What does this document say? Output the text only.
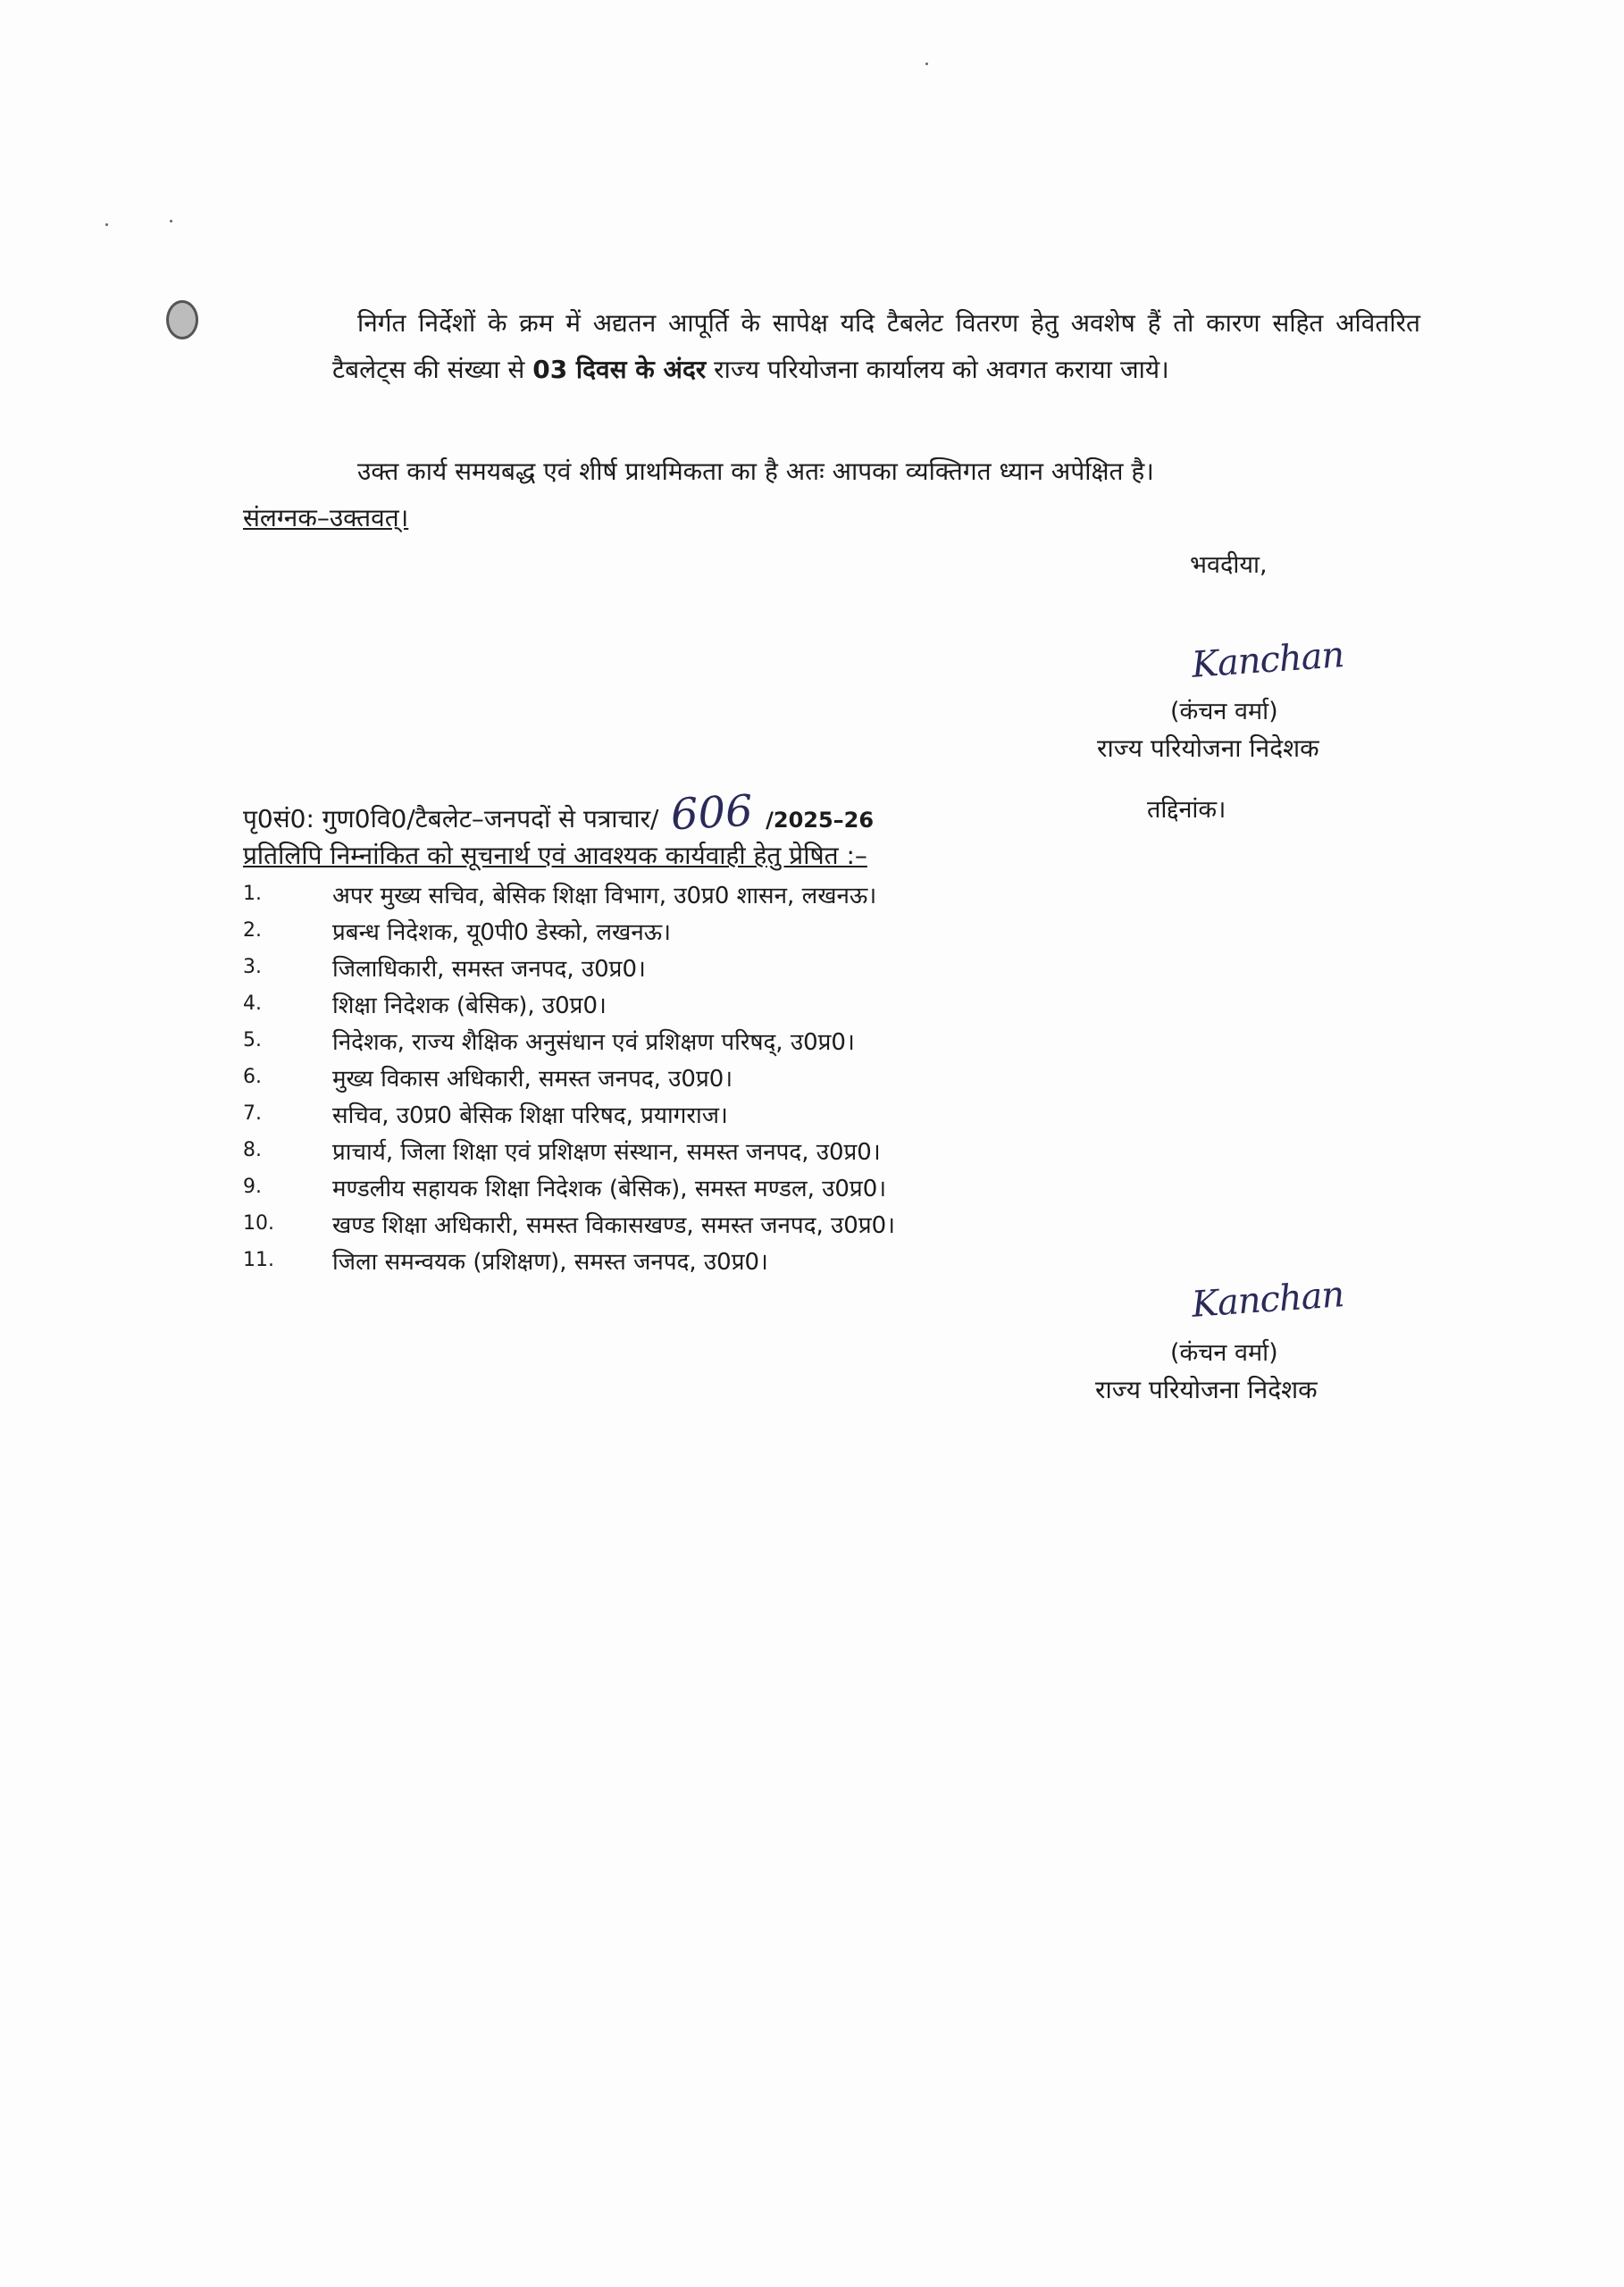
 निर्गत निर्देशों के क्रम में अद्यतन आपूर्ति के सापेक्ष यदि टैबलेट वितरण हेतु अवशेष हैं तो कारण सहित अवितरित टैबलेट्स की संख्या से 03 दिवस के अंदर राज्य परियोजना कार्यालय को अवगत कराया जाये।

 उक्त कार्य समयबद्ध एवं शीर्ष प्राथमिकता का है अतः आपका व्यक्तिगत ध्यान अपेक्षित है।

संलग्नक–उक्तवत्।
भवदीया,
Kanchan
(कंचन वर्मा)
राज्य परियोजना निदेशक
पृ0सं0: गुण0वि0/टैबलेट–जनपदों से पत्राचार/ 606 /2025–26	तद्दिनांक।
प्रतिलिपि निम्नांकित को सूचनार्थ एवं आवश्यक कार्यवाही हेतु प्रेषित :–
1.	अपर मुख्य सचिव, बेसिक शिक्षा विभाग, उ0प्र0 शासन, लखनऊ।
2.	प्रबन्ध निदेशक, यू0पी0 डेस्को, लखनऊ।
3.	जिलाधिकारी, समस्त जनपद, उ0प्र0।
4.	शिक्षा निदेशक (बेसिक), उ0प्र0।
5.	निदेशक, राज्य शैक्षिक अनुसंधान एवं प्रशिक्षण परिषद्, उ0प्र0।
6.	मुख्य विकास अधिकारी, समस्त जनपद, उ0प्र0।
7.	सचिव, उ0प्र0 बेसिक शिक्षा परिषद, प्रयागराज।
8.	प्राचार्य, जिला शिक्षा एवं प्रशिक्षण संस्थान, समस्त जनपद, उ0प्र0।
9.	मण्डलीय सहायक शिक्षा निदेशक (बेसिक), समस्त मण्डल, उ0प्र0।
10.	खण्ड शिक्षा अधिकारी, समस्त विकासखण्ड, समस्त जनपद, उ0प्र0।
11.	जिला समन्वयक (प्रशिक्षण), समस्त जनपद, उ0प्र0।
Kanchan
(कंचन वर्मा)
राज्य परियोजना निदेशक
